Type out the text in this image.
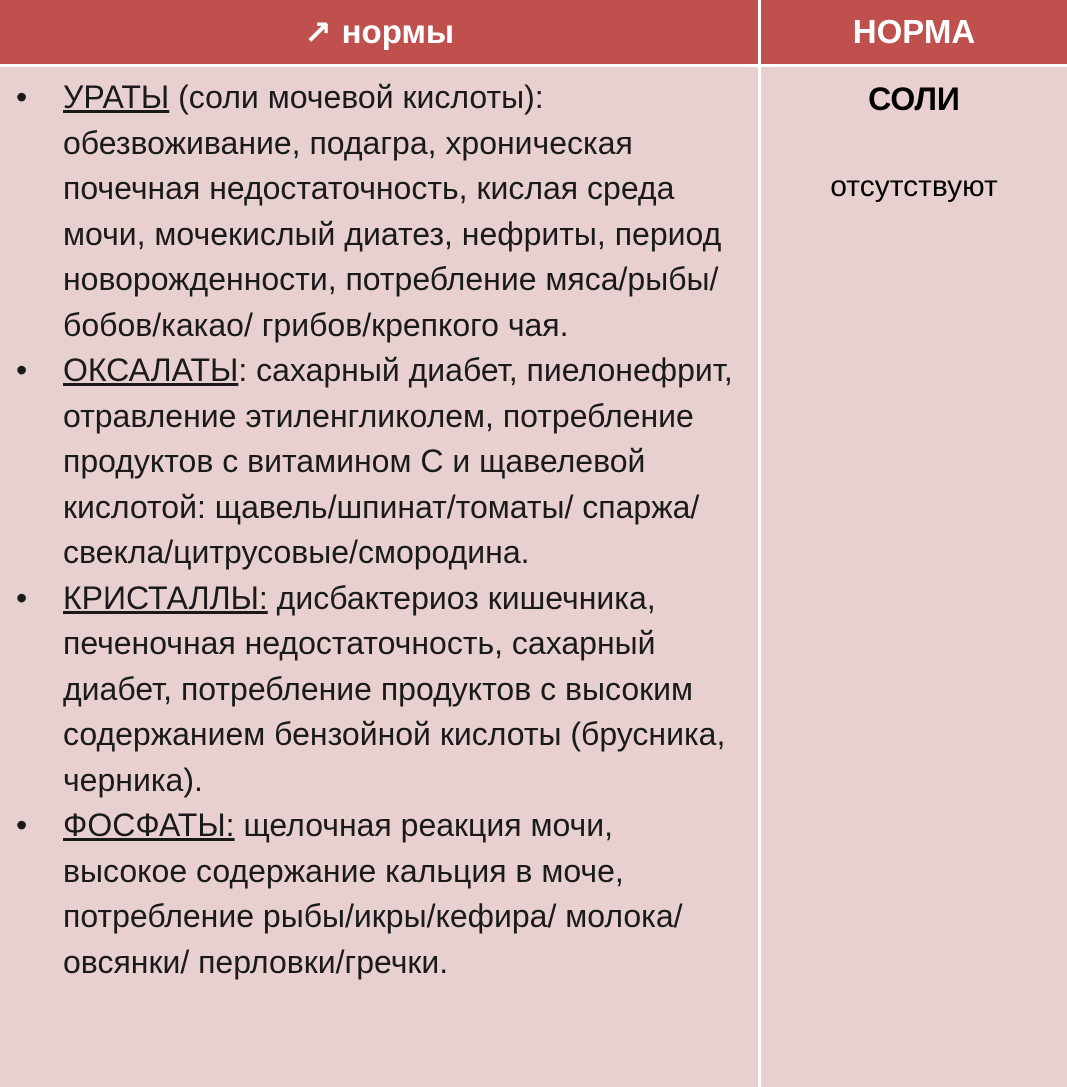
↗ нормы	НОРМА
• УРАТЫ (соли мочевой кислоты): обезвоживание, подагра, хроническая почечная недостаточность, кислая среда мочи, мочекислый диатез, нефриты, период новорожденности, потребление мяса/рыбы/бобов/какао/ грибов/крепкого чая.
• ОКСАЛАТЫ: сахарный диабет, пиелонефрит, отравление этиленгликолем, потребление продуктов с витамином С и щавелевой кислотой: щавель/шпинат/томаты/ спаржа/свекла/цитрусовые/смородина.
• КРИСТАЛЛЫ: дисбактериоз кишечника, печеночная недостаточность, сахарный диабет, потребление продуктов с высоким содержанием бензойной кислоты (брусника, черника).
• ФОСФАТЫ: щелочная реакция мочи, высокое содержание кальция в моче, потребление рыбы/икры/кефира/ молока/овсянки/ перловки/гречки.
СОЛИ
отсутствуют
